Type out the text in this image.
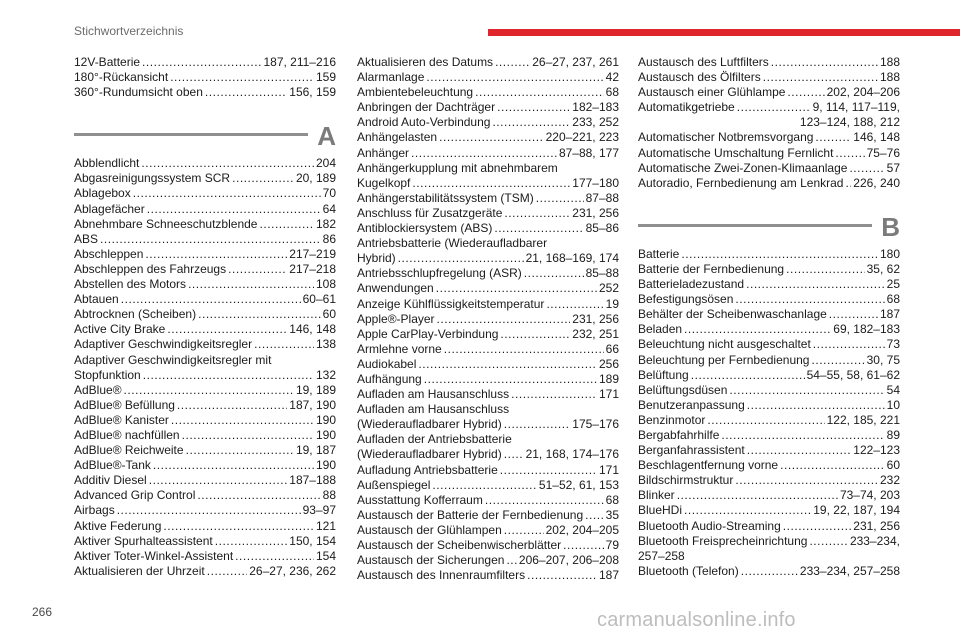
Stichwortverzeichnis
12V-Batterie . . .	187, 211–216
180°-Rückansicht . . .	159
360°-Rundumsicht oben . . .	156, 159
A
Abblendlicht . . .	204
Abgasreinigungssystem SCR . . .	20, 189
Ablagebox . . .	70
Ablagefächer . . .	64
Abnehmbare Schneeschutzblende . . .	182
ABS . . .	86
Abschleppen . . .	217–219
Abschleppen des Fahrzeugs . . .	217–218
Abstellen des Motors . . .	108
Abtauen . . .	60–61
Abtrocknen (Scheiben) . . .	60
Active City Brake . . .	146, 148
Adaptiver Geschwindigkeitsregler . . .	138
Adaptiver Geschwindigkeitsregler mit
Stopfunktion . . .	132
AdBlue® . . .	19, 189
AdBlue® Befüllung . . .	187, 190
AdBlue® Kanister . . .	190
AdBlue® nachfüllen . . .	190
AdBlue® Reichweite . . .	19, 187
AdBlue®-Tank . . .	190
Additiv Diesel . . .	187–188
Advanced Grip Control . . .	88
Airbags . . .	93–97
Aktive Federung . . .	121
Aktiver Spurhalteassistent . . .	150, 154
Aktiver Toter-Winkel-Assistent . . .	154
Aktualisieren der Uhrzeit . . .	26–27, 236, 262
Aktualisieren des Datums . . .	26–27, 237, 261
Alarmanlage . . .	42
Ambientebeleuchtung . . .	68
Anbringen der Dachträger . . .	182–183
Android Auto-Verbindung . . .	233, 252
Anhängelasten . . .	220–221, 223
Anhänger . . .	87–88, 177
Anhängerkupplung mit abnehmbarem
Kugelkopf . . .	177–180
Anhängerstabilitätssystem (TSM) . . .	87–88
Anschluss für Zusatzgeräte . . .	231, 256
Antiblockiersystem (ABS) . . .	85–86
Antriebsbatterie (Wiederaufladbarer
Hybrid) . . .	21, 168–169, 174
Antriebsschlupfregelung (ASR) . . .	85–88
Anwendungen . . .	252
Anzeige Kühlflüssigkeitstemperatur . . .	19
Apple®-Player . . .	231, 256
Apple CarPlay-Verbindung . . .	232, 251
Armlehne vorne . . .	66
Audiokabel . . .	256
Aufhängung . . .	189
Aufladen am Hausanschluss . . .	171
Aufladen am Hausanschluss
(Wiederaufladbarer Hybrid) . . .	175–176
Aufladen der Antriebsbatterie
(Wiederaufladbarer Hybrid) . . . 21, 168, 174–176
Aufladung Antriebsbatterie . . .	171
Außenspiegel . . .	51–52, 61, 153
Ausstattung Kofferraum . . .	68
Austausch der Batterie der Fernbedienung . . . 35
Austausch der Glühlampen . . .	202, 204–205
Austausch der Scheibenwischerblätter . . .	79
Austausch der Sicherungen . . . 206–207, 206–208
Austausch des Innenraumfilters . . .	187
Austausch des Luftfilters . . .	188
Austausch des Ölfilters . . .	188
Austausch einer Glühlampe . . .	202, 204–206
Automatikgetriebe . . .	9, 114, 117–119,
123–124, 188, 212
Automatischer Notbremsvorgang . . .	146, 148
Automatische Umschaltung Fernlicht . . .	75–76
Automatische Zwei-Zonen-Klimaanlage . . .	57
Autoradio, Fernbedienung am Lenkrad . . . 226, 240
B
Batterie . . .	180
Batterie der Fernbedienung . . .	35, 62
Batterieladezustand . . .	25
Befestigungsösen . . .	68
Behälter der Scheibenwaschanlage . . .	187
Beladen . . .	69, 182–183
Beleuchtung nicht ausgeschaltet . . .	73
Beleuchtung per Fernbedienung . . .	30, 75
Belüftung . . .	54–55, 58, 61–62
Belüftungsdüsen . . .	54
Benutzeranpassung . . .	10
Benzinmotor . . .	122, 185, 221
Bergabfahrhilfe . . .	89
Berganfahrassistent . . .	122–123
Beschlagentfernung vorne . . .	60
Bildschirmstruktur . . .	232
Blinker . . .	73–74, 203
BlueHDi . . .	19, 22, 187, 194
Bluetooth Audio-Streaming . . .	231, 256
Bluetooth Freisprecheinrichtung . . .	233–234,
257–258
Bluetooth (Telefon) . . .	233–234, 257–258
266	carmanualsonline.info
